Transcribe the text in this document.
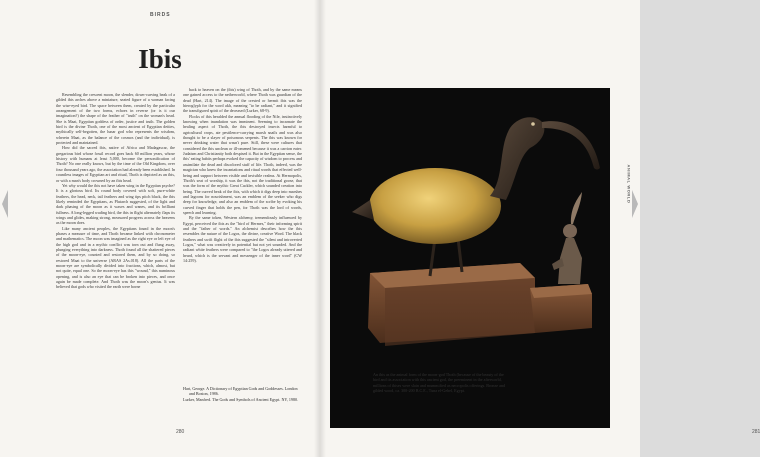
BIRDS
Ibis

Resembling the crescent moon, the slender, down-curving beak of a gilded ibis arches above a miniature, seated figure of a woman facing the wise-eyed bird. The space between them, created by the particular arrangement of the two forms, echoes in reverse (or is it our imagination?) the shape of the feather of "truth" on the woman's head. She is Maat, Egyptian goddess of order, justice and truth. The golden bird is the divine Thoth, one of the most ancient of Egyptian deities, mythically self-begotten, the lunar god who represents the wisdom, wherein Maat, as the balance of the cosmos (and the individual), is protected and maintained.

How did the sacred ibis, native of Africa and Madagascar, the gregarious bird whose fossil record goes back 60 million years, whose history with humans at least 5,000, become the personification of Thoth? No one really knows, but by the time of the Old Kingdom, over four thousand years ago, the association had already been established. In countless images of Egyptian art and ritual, Thoth is depicted as an ibis, or with a man's body crowned by an ibis head.

Yet why would the ibis not have taken wing in the Egyptian psyche? It is a glorious bird. Its round body covered with soft, pure-white feathers, the head, neck, tail feathers and wing tips pitch black, the ibis likely reminded the Egyptians, as Plutarch suggested, of the light and dark phasing of the moon as it waxes and wanes, and its brilliant fullness. A long-legged wading bird, the ibis in flight alternately flaps its wings and glides, making strong, measured progress across the heavens as the moon does.

Like many ancient peoples, the Egyptians found in the moon's phases a measure of time, and Thoth became linked with chronometer and mathematics. The moon was imagined as the right eye or left eye of the high god and in a mythic conflict was torn out and flung away, plunging everything into darkness. Thoth found all the shattered pieces of the moon-eye, counted and restored them, and by so doing, so restored Maat to the universe (ARAS 2As.018). All the parts of the moon-eye are symbolically divided into fractions, which, almost, but not quite, equal one. So the moon-eye has this "wound," this numinous opening, and is also an eye that can be broken into pieces, and once again be made complete. And Thoth was the moon's genius. It was believed that gods who visited the earth were borne

back to heaven on the (ibis) wing of Thoth, and by the same means one gained access to the netherworld, where Thoth was guardian of the dead (Hart, 214). The image of the crested or hermit ibis was the hieroglyph for the word akh, meaning "to be radiant," and it signified the transfigured spirit of the deceased (Lurker, 68-9).

Flocks of ibis heralded the annual flooding of the Nile, instinctively knowing when inundation was imminent. Seeming to incarnate the healing aspect of Thoth, the ibis destroyed insects harmful to agricultural crops, ate pestilence-carrying marsh snails and was also thought to be a slayer of poisonous serpents. The ibis was known for never drinking water that wasn't pure. Still, these were cultures that considered the ibis unclean or ill-omened because it was a carrion eater. Judaism and Christianity both despised it. But in the Egyptian sense, the ibis' eating habits perhaps evoked the capacity of wisdom to process and assimilate the dead and discolored stuff of life. Thoth, indeed, was the magician who knew the incantations and ritual words that effected well-being and support between visible and invisible realms. At Hermopolis, Thoth's seat of worship, it was the ibis, not the traditional goose, that was the form of the mythic Great Cackler, which sounded creation into being. The curved beak of the ibis, with which it digs deep into marshes and lagoons for nourishment, was an emblem of the seeker who digs deep for knowledge, and also an emblem of the scribe by evoking his curved finger that holds the pen, for Thoth was the lord of words, speech and learning.

By the same token, Western alchemy, tremendously influenced by Egypt, perceived the ibis as the "bird of Hermes," their informing spirit and the "father of words." An alchemist describes how the ibis resembles the nature of the Logos, the divine, creative Word. The black feathers and swift flight of the ibis suggested the "silent and introverted Logos," what was creatively in potential but not yet sounded. And the radiant white feathers were compared to "the Logos already uttered and heard, which is the servant and messenger of the inner word" (CW 14:259).

Hart, George. A Dictionary of Egyptian Gods and Goddesses. London and Boston, 1986.
Lurker, Manfred. The Gods and Symbols of Ancient Egypt. NY, 1980.
280
ANIMAL WORLD
281

An ibis as the animal form of the moon-god Thoth (because of the beauty of the bird and its association with this ancient god, the preeminent in the afterworld, millions of ibises were slain and mummified as necropolis offerings. Bronze and gilded wood, ca. 300-200 B.C.E., Tuna el-Gebel, Egypt.
